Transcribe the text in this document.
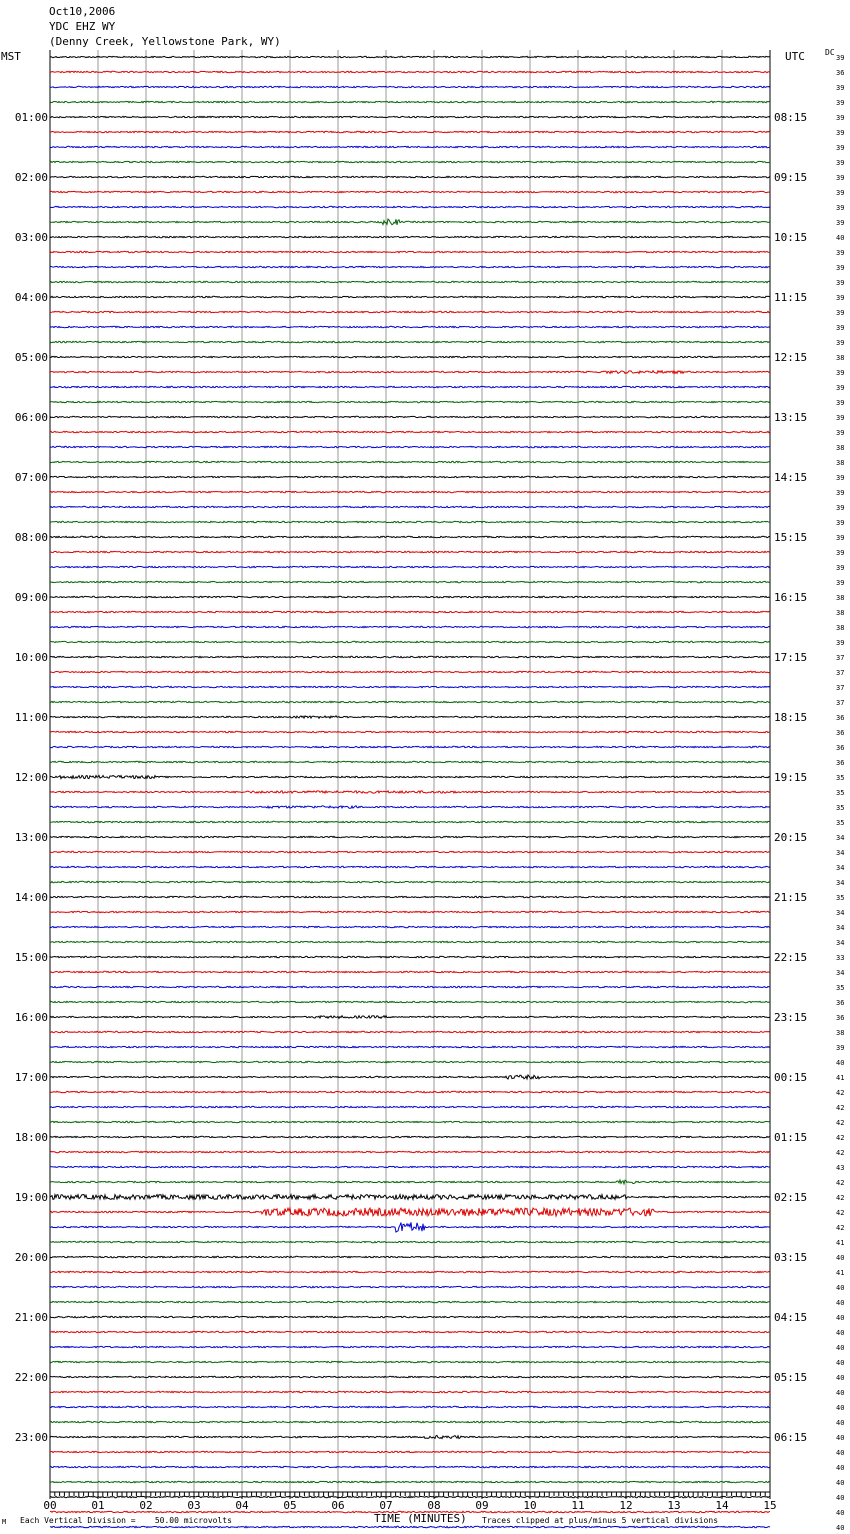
Oct10,2006
YDC EHZ WY
(Denny Creek, Yellowstone Park, WY)
MST	UTC	DC
01:00
02:00
03:00
04:00
05:00
06:00
07:00
08:00
09:00
10:00
11:00
12:00
13:00
14:00
15:00
16:00
17:00
18:00
19:00
20:00
21:00
22:00
23:00
08:15
09:15
10:15
11:15
12:15
13:15
14:15
15:15
16:15
17:15
18:15
19:15
20:15
21:15
22:15
23:15
00:15
01:15
02:15
03:15
04:15
05:15
06:15
39
36
39
39
39
39
39
39
39
39
39
39
40
39
39
39
39
39
39
39
38
39
39
39
39
39
38
38
39
39
39
39
39
39
39
39
38
38
38
39
37
37
37
37
36
36
36
36
35
35
35
35
34
34
34
34
35
34
34
34
33
34
35
36
36
38
39
40
41
42
42
42
42
42
43
42
42
42
42
41
40
41
40
40
40
40
40
40
40
40
40
40
40
40
40
40
40
40
40
00	01	02	03	04	05	06	07	08	09	10	11	12	13	14	15
TIME (MINUTES)
Each Vertical Division =    50.00 microvolts	Traces clipped at plus/minus 5 vertical divisions
M
